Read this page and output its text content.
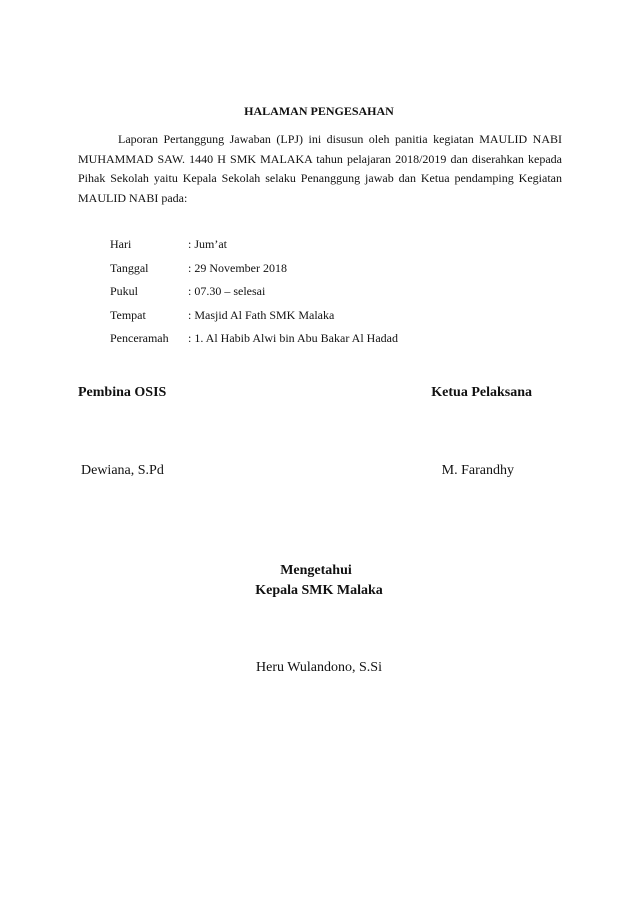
HALAMAN PENGESAHAN
Laporan Pertanggung Jawaban (LPJ) ini disusun oleh panitia kegiatan MAULID NABI MUHAMMAD SAW. 1440 H SMK MALAKA tahun pelajaran 2018/2019 dan diserahkan kepada Pihak Sekolah yaitu Kepala Sekolah selaku Penanggung jawab dan Ketua pendamping Kegiatan MAULID NABI pada:
Hari	: Jum’at
Tanggal	: 29 November 2018
Pukul	: 07.30 – selesai
Tempat	: Masjid Al Fath SMK Malaka
Penceramah	: 1. Al Habib Alwi bin Abu Bakar Al Hadad
Pembina OSIS	Ketua Pelaksana
Dewiana, S.Pd	M. Farandhy
Mengetahui
Kepala SMK Malaka
Heru Wulandono, S.Si
